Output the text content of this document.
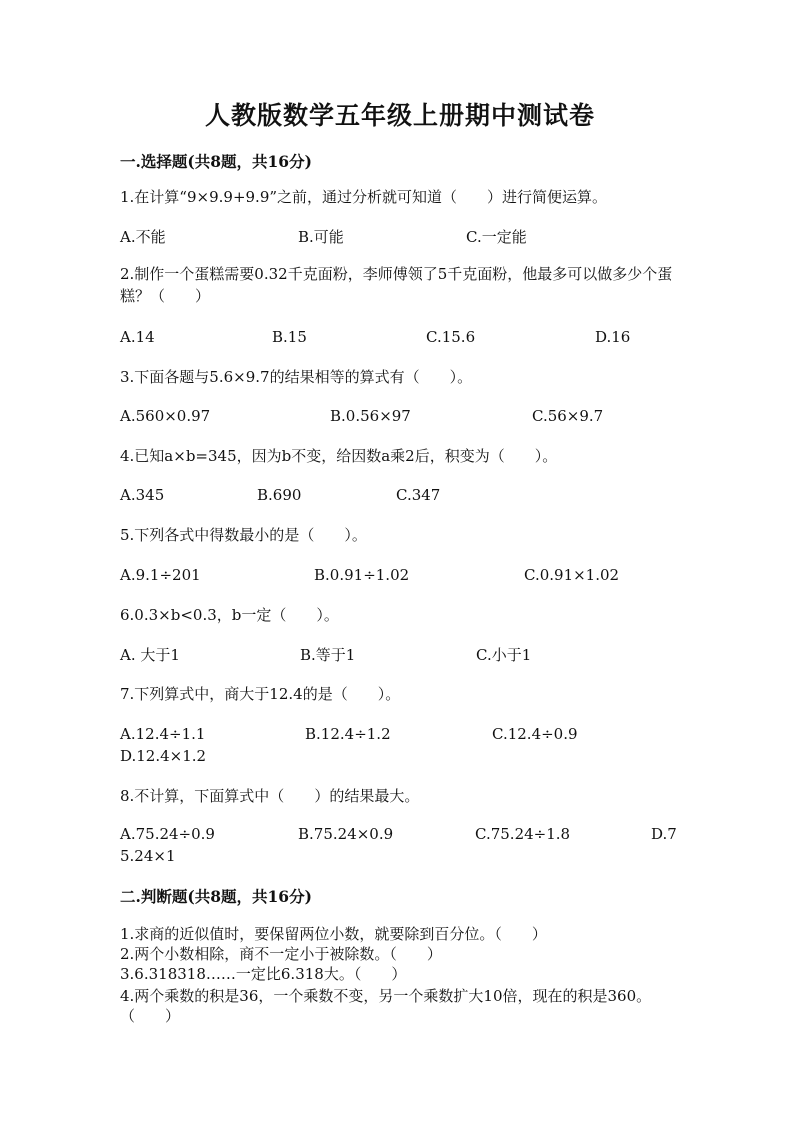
人教版数学五年级上册期中测试卷
一.选择题(共8题，共16分)
1.在计算“9×9.9+9.9”之前，通过分析就可知道（　　）进行简便运算。
A.不能	B.可能	C.一定能
2.制作一个蛋糕需要0.32千克面粉，李师傅领了5千克面粉，他最多可以做多少个蛋糕？（　　）
A.14	B.15	C.15.6	D.16
3.下面各题与5.6×9.7的结果相等的算式有（　　）。
A.560×0.97	B.0.56×97	C.56×9.7
4.已知a×b=345，因为b不变，给因数a乘2后，积变为（　　）。
A.345	B.690	C.347
5.下列各式中得数最小的是（　　）。
A.9.1÷201	B.0.91÷1.02	C.0.91×1.02
6.0.3×b<0.3，b一定（　　）。
A. 大于1	B.等于1	C.小于1
7.下列算式中，商大于12.4的是（　　）。
A.12.4÷1.1	B.12.4÷1.2	C.12.4÷0.9
D.12.4×1.2
8.不计算，下面算式中（　　）的结果最大。
A.75.24÷0.9	B.75.24×0.9	C.75.24÷1.8	D.7
5.24×1
二.判断题(共8题，共16分)
1.求商的近似值时，要保留两位小数，就要除到百分位。（　　）
2.两个小数相除，商不一定小于被除数。（　　）
3.6.318318……一定比6.318大。（　　）
4.两个乘数的积是36，一个乘数不变，另一个乘数扩大10倍，现在的积是360。（　　）
